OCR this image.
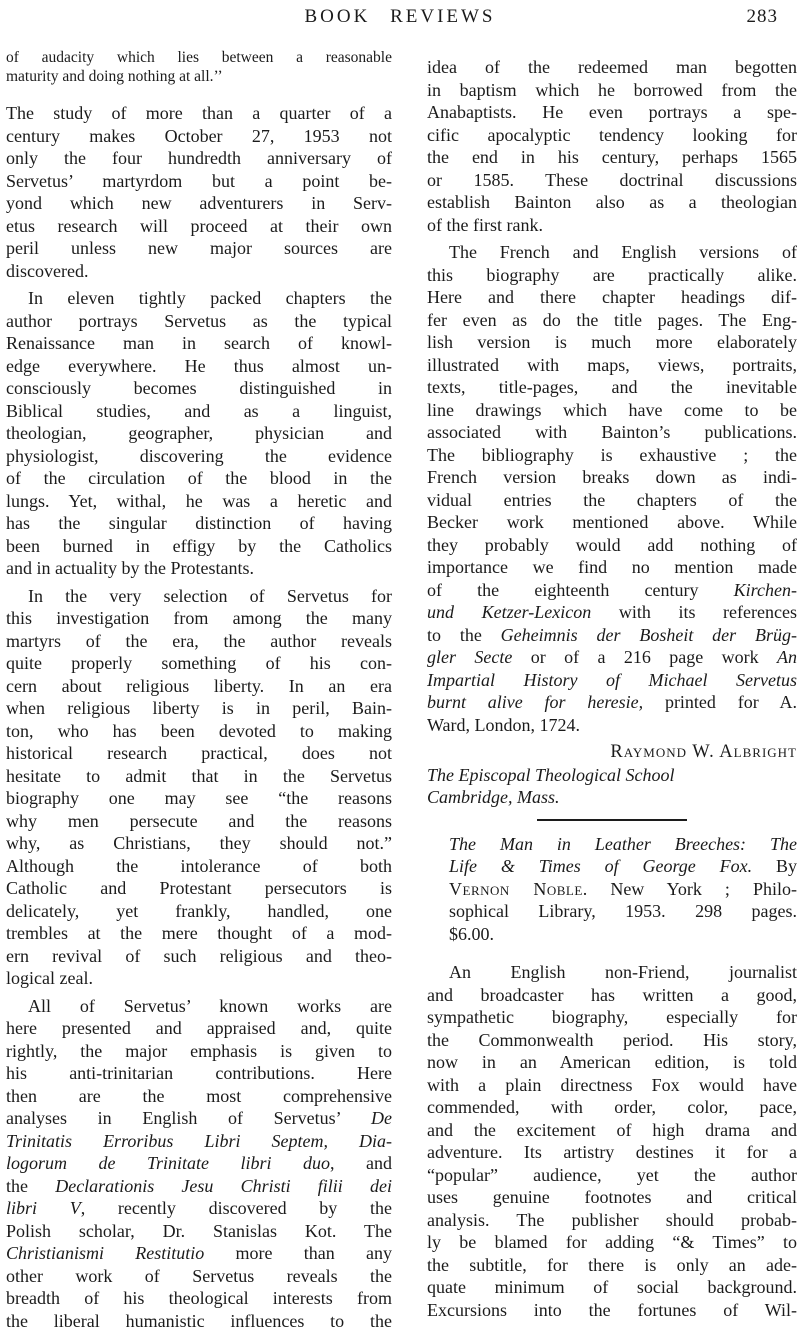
BOOK REVIEWS	283
of audacity which lies between a reasonable
maturity and doing nothing at all.’’
The study of more than a quarter of a
century makes October 27, 1953 not
only the four hundredth anniversary of
Servetus’ martyrdom but a point be-
yond which new adventurers in Serv-
etus research will proceed at their own
peril unless new major sources are
discovered.
In eleven tightly packed chapters the
author portrays Servetus as the typical
Renaissance man in search of knowl-
edge everywhere. He thus almost un-
consciously becomes distinguished in
Biblical studies, and as a linguist,
theologian, geographer, physician and
physiologist, discovering the evidence
of the circulation of the blood in the
lungs. Yet, withal, he was a heretic and
has the singular distinction of having
been burned in effigy by the Catholics
and in actuality by the Protestants.
In the very selection of Servetus for
this investigation from among the many
martyrs of the era, the author reveals
quite properly something of his con-
cern about religious liberty. In an era
when religious liberty is in peril, Bain-
ton, who has been devoted to making
historical research practical, does not
hesitate to admit that in the Servetus
biography one may see “the reasons
why men persecute and the reasons
why, as Christians, they should not.”
Although the intolerance of both
Catholic and Protestant persecutors is
delicately, yet frankly, handled, one
trembles at the mere thought of a mod-
ern revival of such religious and theo-
logical zeal.
All of Servetus’ known works are
here presented and appraised and, quite
rightly, the major emphasis is given to
his anti-trinitarian contributions. Here
then are the most comprehensive
analyses in English of Servetus’ De
Trinitatis Erroribus Libri Septem, Dia-
logorum de Trinitate libri duo, and
the Declarationis Jesu Christi filii dei
libri V, recently discovered by the
Polish scholar, Dr. Stanislas Kot. The
Christianismi Restitutio more than any
other work of Servetus reveals the
breadth of his theological interests from
the liberal humanistic influences to the
idea of the redeemed man begotten
in baptism which he borrowed from the
Anabaptists. He even portrays a spe-
cific apocalyptic tendency looking for
the end in his century, perhaps 1565
or 1585. These doctrinal discussions
establish Bainton also as a theologian
of the first rank.
The French and English versions of
this biography are practically alike.
Here and there chapter headings dif-
fer even as do the title pages. The Eng-
lish version is much more elaborately
illustrated with maps, views, portraits,
texts, title-pages, and the inevitable
line drawings which have come to be
associated with Bainton’s publications.
The bibliography is exhaustive ; the
French version breaks down as indi-
vidual entries the chapters of the
Becker work mentioned above. While
they probably would add nothing of
importance we find no mention made
of the eighteenth century Kirchen-
und Ketzer-Lexicon with its references
to the Geheimnis der Bosheit der Brüg-
gler Secte or of a 216 page work An
Impartial History of Michael Servetus
burnt alive for heresie, printed for A.
Ward, London, 1724.
Raymond W. Albright
The Episcopal Theological School
Cambridge, Mass.
The Man in Leather Breeches: The
Life & Times of George Fox. By
Vernon Noble. New York ; Philo-
sophical Library, 1953. 298 pages.
$6.00.
An English non-Friend, journalist
and broadcaster has written a good,
sympathetic biography, especially for
the Commonwealth period. His story,
now in an American edition, is told
with a plain directness Fox would have
commended, with order, color, pace,
and the excitement of high drama and
adventure. Its artistry destines it for a
“popular” audience, yet the author
uses genuine footnotes and critical
analysis. The publisher should probab-
ly be blamed for adding “& Times” to
the subtitle, for there is only an ade-
quate minimum of social background.
Excursions into the fortunes of Wil-
